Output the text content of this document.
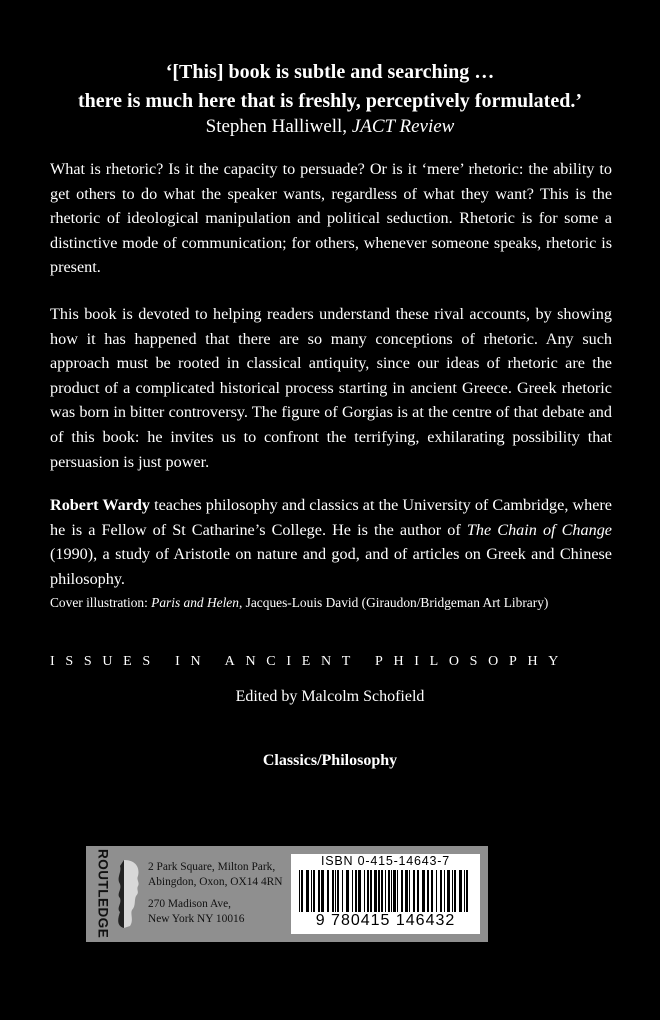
‘[This] book is subtle and searching …
there is much here that is freshly, perceptively formulated.’
Stephen Halliwell, JACT Review
What is rhetoric? Is it the capacity to persuade? Or is it ‘mere’ rhetoric: the ability to get others to do what the speaker wants, regardless of what they want? This is the rhetoric of ideological manipulation and political seduction. Rhetoric is for some a distinctive mode of communication; for others, whenever someone speaks, rhetoric is present.
This book is devoted to helping readers understand these rival accounts, by showing how it has happened that there are so many conceptions of rhetoric. Any such approach must be rooted in classical antiquity, since our ideas of rhetoric are the product of a complicated historical process starting in ancient Greece. Greek rhetoric was born in bitter controversy. The figure of Gorgias is at the centre of that debate and of this book: he invites us to confront the terrifying, exhilarating possibility that persuasion is just power.
Robert Wardy teaches philosophy and classics at the University of Cambridge, where he is a Fellow of St Catharine’s College. He is the author of The Chain of Change (1990), a study of Aristotle on nature and god, and of articles on Greek and Chinese philosophy.
Cover illustration: Paris and Helen, Jacques-Louis David (Giraudon/Bridgeman Art Library)
ISSUES IN ANCIENT PHILOSOPHY
Edited by Malcolm Schofield
Classics/Philosophy
ROUTLEDGE	2 Park Square, Milton Park,
Abingdon, Oxon, OX14 4RN
270 Madison Ave,
New York NY 10016
ISBN 0-415-14643-7
9 780415 146432
